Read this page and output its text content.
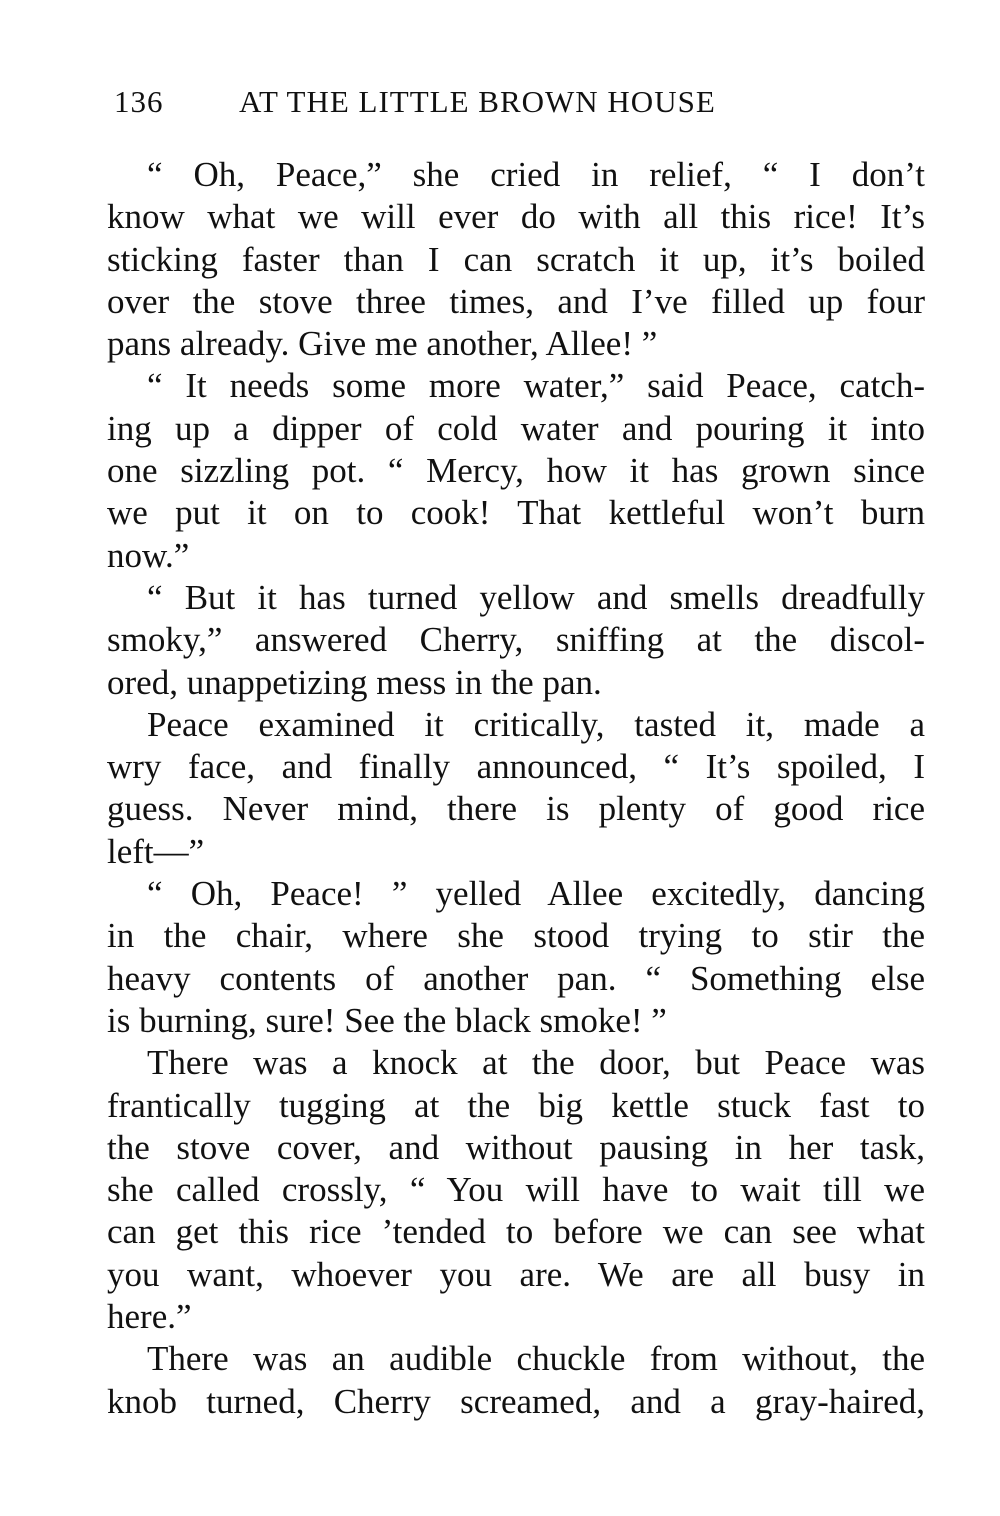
136 AT THE LITTLE BROWN HOUSE
“ Oh, Peace,” she cried in relief, “ I don’t
know what we will ever do with all this rice! It’s
sticking faster than I can scratch it up, it’s boiled
over the stove three times, and I’ve filled up four
pans already. Give me another, Allee! ”
“ It needs some more water,” said Peace, catch-
ing up a dipper of cold water and pouring it into
one sizzling pot. “ Mercy, how it has grown since
we put it on to cook! That kettleful won’t burn
now.”
“ But it has turned yellow and smells dreadfully
smoky,” answered Cherry, sniffing at the discol-
ored, unappetizing mess in the pan.
Peace examined it critically, tasted it, made a
wry face, and finally announced, “ It’s spoiled, I
guess. Never mind, there is plenty of good rice
left—”
“ Oh, Peace! ” yelled Allee excitedly, dancing
in the chair, where she stood trying to stir the
heavy contents of another pan. “ Something else
is burning, sure! See the black smoke! ”
There was a knock at the door, but Peace was
frantically tugging at the big kettle stuck fast to
the stove cover, and without pausing in her task,
she called crossly, “ You will have to wait till we
can get this rice ’tended to before we can see what
you want, whoever you are. We are all busy in
here.”
There was an audible chuckle from without, the
knob turned, Cherry screamed, and a gray-haired,
